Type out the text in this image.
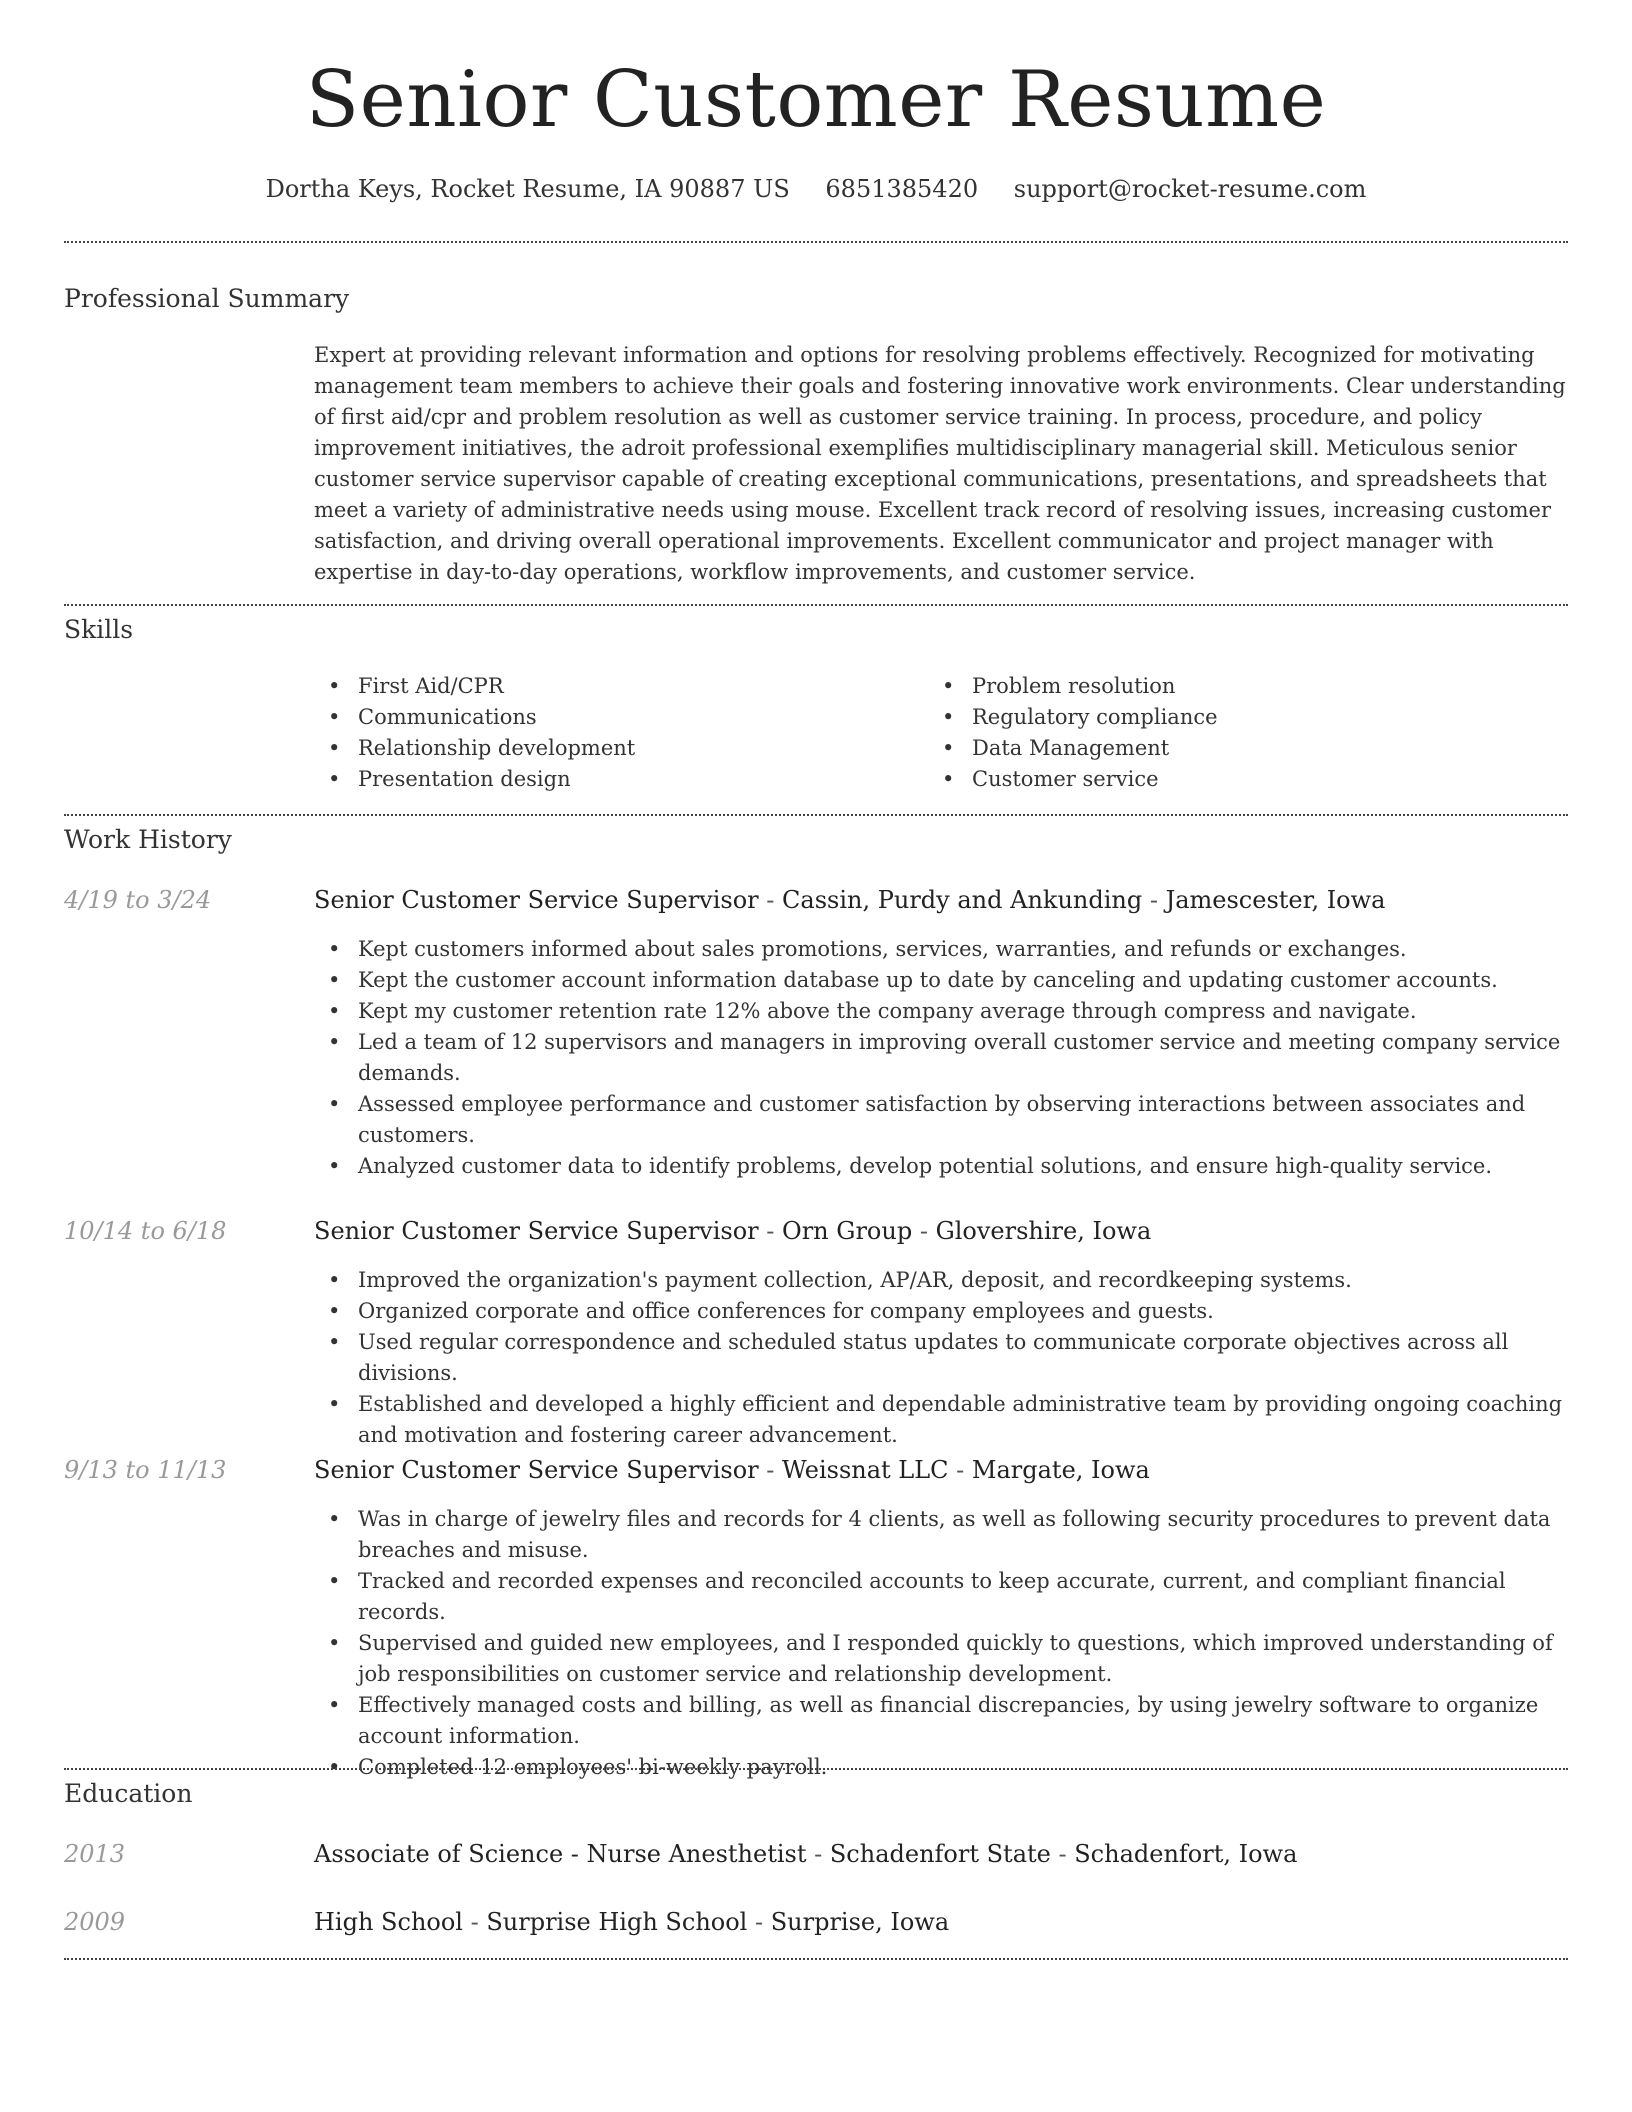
Senior Customer Resume
Dortha Keys, Rocket Resume, IA 90887 US 6851385420 support@rocket-resume.com
Professional Summary
Expert at providing relevant information and options for resolving problems effectively. Recognized for motivating management team members to achieve their goals and fostering innovative work environments. Clear understanding of first aid/cpr and problem resolution as well as customer service training. In process, procedure, and policy improvement initiatives, the adroit professional exemplifies multidisciplinary managerial skill. Meticulous senior customer service supervisor capable of creating exceptional communications, presentations, and spreadsheets that meet a variety of administrative needs using mouse. Excellent track record of resolving issues, increasing customer satisfaction, and driving overall operational improvements. Excellent communicator and project manager with expertise in day-to-day operations, workflow improvements, and customer service.
Skills
• First Aid/CPR
• Communications
• Relationship development
• Presentation design
• Problem resolution
• Regulatory compliance
• Data Management
• Customer service
Work History
4/19 to 3/24	Senior Customer Service Supervisor - Cassin, Purdy and Ankunding - Jamescester, Iowa
• Kept customers informed about sales promotions, services, warranties, and refunds or exchanges.
• Kept the customer account information database up to date by canceling and updating customer accounts.
• Kept my customer retention rate 12% above the company average through compress and navigate.
• Led a team of 12 supervisors and managers in improving overall customer service and meeting company service demands.
• Assessed employee performance and customer satisfaction by observing interactions between associates and customers.
• Analyzed customer data to identify problems, develop potential solutions, and ensure high-quality service.
10/14 to 6/18	Senior Customer Service Supervisor - Orn Group - Glovershire, Iowa
• Improved the organization's payment collection, AP/AR, deposit, and recordkeeping systems.
• Organized corporate and office conferences for company employees and guests.
• Used regular correspondence and scheduled status updates to communicate corporate objectives across all divisions.
• Established and developed a highly efficient and dependable administrative team by providing ongoing coaching and motivation and fostering career advancement.
9/13 to 11/13	Senior Customer Service Supervisor - Weissnat LLC - Margate, Iowa
• Was in charge of jewelry files and records for 4 clients, as well as following security procedures to prevent data breaches and misuse.
• Tracked and recorded expenses and reconciled accounts to keep accurate, current, and compliant financial records.
• Supervised and guided new employees, and I responded quickly to questions, which improved understanding of job responsibilities on customer service and relationship development.
• Effectively managed costs and billing, as well as financial discrepancies, by using jewelry software to organize account information.
• Completed 12 employees' bi-weekly payroll.
Education
2013	Associate of Science - Nurse Anesthetist - Schadenfort State - Schadenfort, Iowa
2009	High School - Surprise High School - Surprise, Iowa
